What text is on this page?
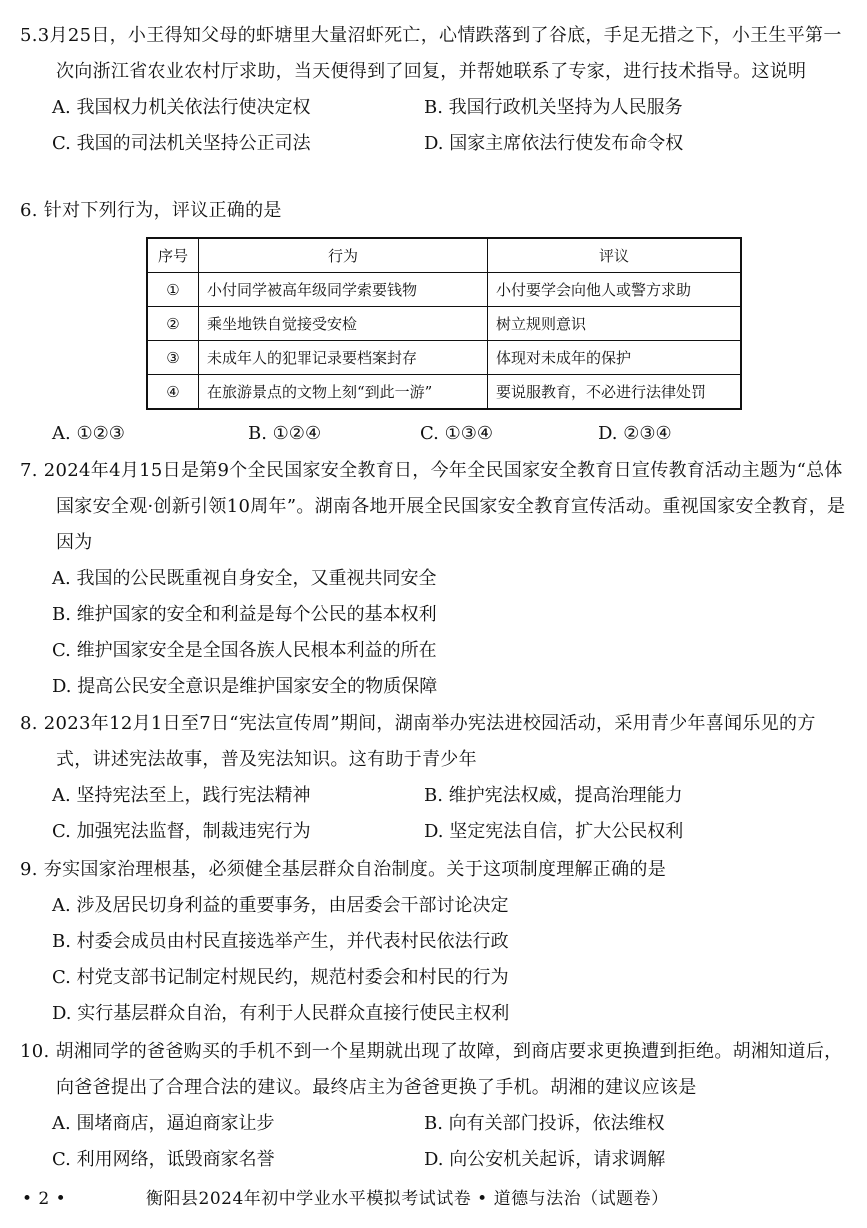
5.3月25日，小王得知父母的虾塘里大量沼虾死亡，心情跌落到了谷底，手足无措之下，小王生平第一次向浙江省农业农村厅求助，当天便得到了回复，并帮她联系了专家，进行技术指导。这说明

A. 我国权力机关依法行使决定权	B. 我国行政机关坚持为人民服务
C. 我国的司法机关坚持公正司法	D. 国家主席依法行使发布命令权

6. 针对下列行为，评议正确的是

序号	行为	评议
①	小付同学被高年级同学索要钱物	小付要学会向他人或警方求助
②	乘坐地铁自觉接受安检	树立规则意识
③	未成年人的犯罪记录要档案封存	体现对未成年的保护
④	在旅游景点的文物上刻“到此一游”	要说服教育，不必进行法律处罚
A. ①②③	B. ①②④	C. ①③④	D. ②③④

7. 2024年4月15日是第9个全民国家安全教育日，今年全民国家安全教育日宣传教育活动主题为“总体国家安全观·创新引领10周年”。湖南各地开展全民国家安全教育宣传活动。重视国家安全教育，是因为

A. 我国的公民既重视自身安全，又重视共同安全
B. 维护国家的安全和利益是每个公民的基本权利
C. 维护国家安全是全国各族人民根本利益的所在
D. 提高公民安全意识是维护国家安全的物质保障

8. 2023年12月1日至7日“宪法宣传周”期间，湖南举办宪法进校园活动，采用青少年喜闻乐见的方式，讲述宪法故事，普及宪法知识。这有助于青少年

A. 坚持宪法至上，践行宪法精神	B. 维护宪法权威，提高治理能力
C. 加强宪法监督，制裁违宪行为	D. 坚定宪法自信，扩大公民权利

9. 夯实国家治理根基，必须健全基层群众自治制度。关于这项制度理解正确的是

A. 涉及居民切身利益的重要事务，由居委会干部讨论决定
B. 村委会成员由村民直接选举产生，并代表村民依法行政
C. 村党支部书记制定村规民约，规范村委会和村民的行为
D. 实行基层群众自治，有利于人民群众直接行使民主权利

10. 胡湘同学的爸爸购买的手机不到一个星期就出现了故障，到商店要求更换遭到拒绝。胡湘知道后，向爸爸提出了合理合法的建议。最终店主为爸爸更换了手机。胡湘的建议应该是

A. 围堵商店，逼迫商家让步	B. 向有关部门投诉，依法维权
C. 利用网络，诋毁商家名誉	D. 向公安机关起诉，请求调解
• 2 •	衡阳县2024年初中学业水平模拟考试试卷 • 道德与法治（试题卷）
